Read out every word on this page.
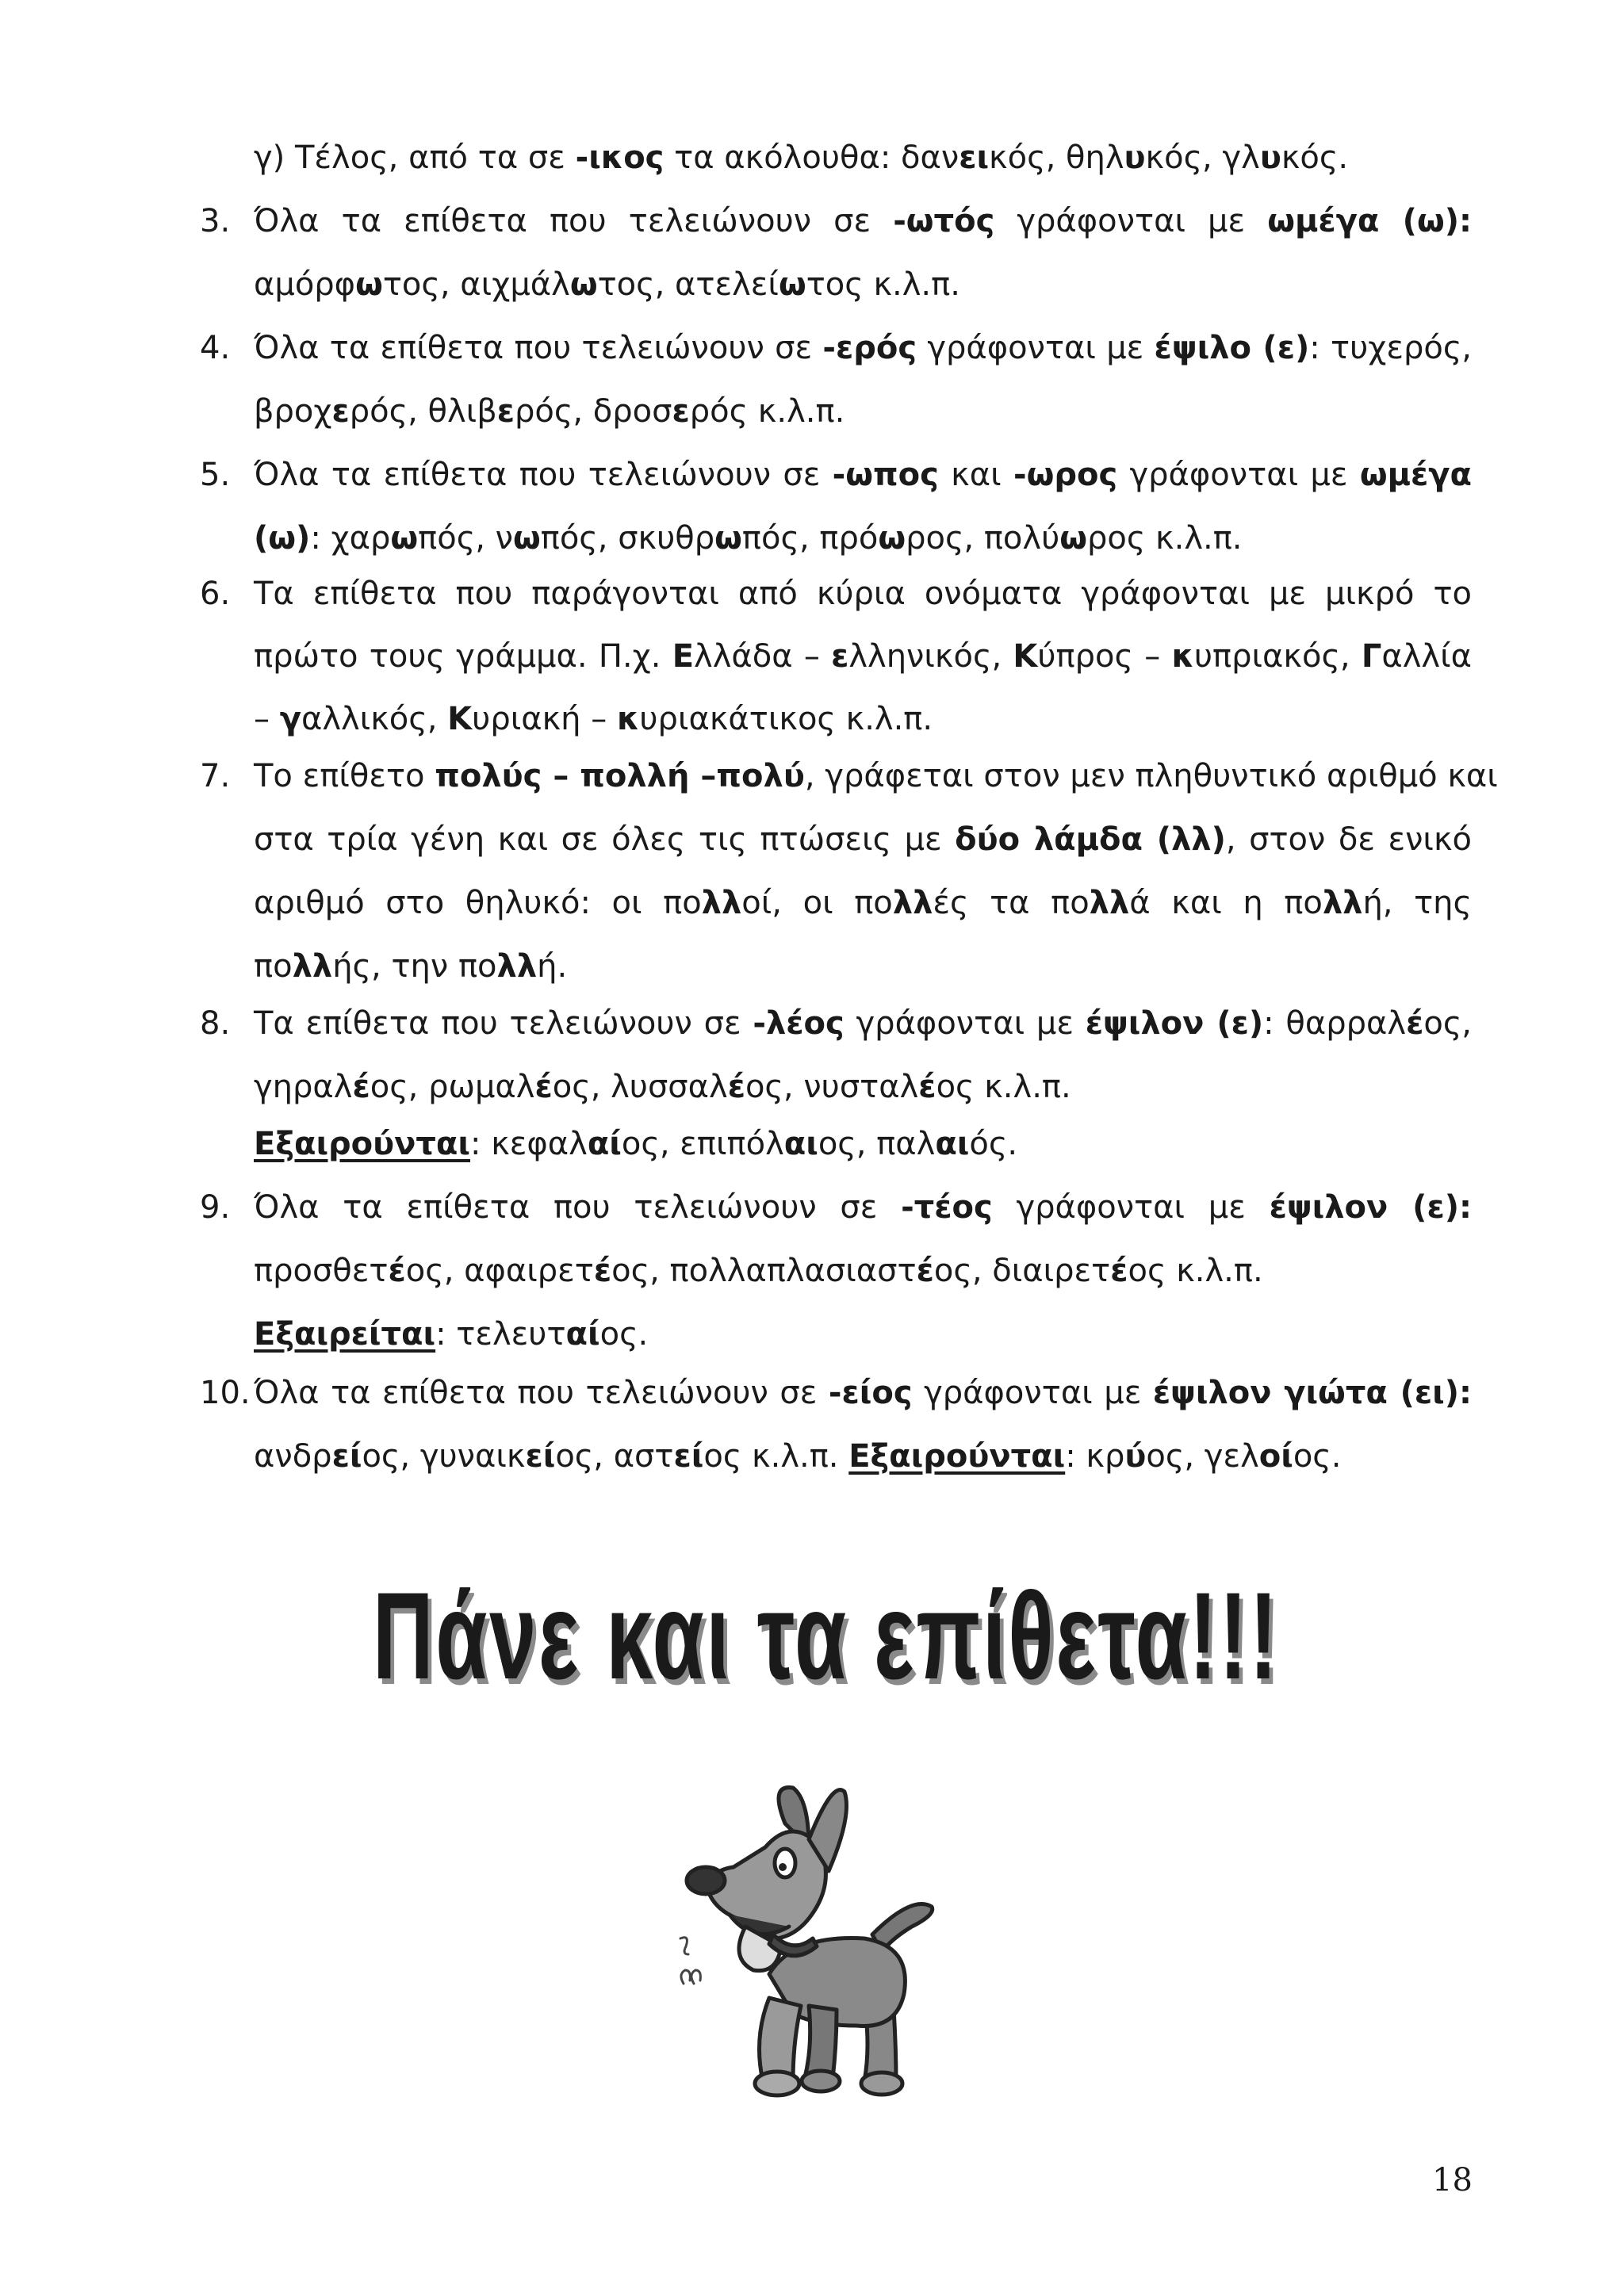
γ) Τέλος, από τα σε -ικος τα ακόλουθα: δανεικός, θηλυκός, γλυκός.
3. Όλα τα επίθετα που τελειώνουν σε -ωτός γράφονται με ωμέγα (ω):
αμόρφωτος, αιχμάλωτος, ατελείωτος κ.λ.π.
4. Όλα τα επίθετα που τελειώνουν σε -ερός γράφονται με έψιλο (ε): τυχερός,
βροχερός, θλιβερός, δροσερός κ.λ.π.
5. Όλα τα επίθετα που τελειώνουν σε -ωπος και -ωρος γράφονται με ωμέγα
(ω): χαρωπός, νωπός, σκυθρωπός, πρόωρος, πολύωρος κ.λ.π.
6. Τα επίθετα που παράγονται από κύρια ονόματα γράφονται με μικρό το
πρώτο τους γράμμα. Π.χ. Ελλάδα – ελληνικός, Κύπρος – κυπριακός, Γαλλία
– γαλλικός, Κυριακή – κυριακάτικος κ.λ.π.
7. Το επίθετο πολύς – πολλή –πολύ, γράφεται στον μεν πληθυντικό αριθμό και
στα τρία γένη και σε όλες τις πτώσεις με δύο λάμδα (λλ), στον δε ενικό
αριθμό στο θηλυκό: οι πολλοί, οι πολλές τα πολλά και η πολλή, της
πολλής, την πολλή.
8. Τα επίθετα που τελειώνουν σε -λέος γράφονται με έψιλον (ε): θαρραλέος,
γηραλέος, ρωμαλέος, λυσσαλέος, νυσταλέος κ.λ.π.
Εξαιρούνται: κεφαλαίος, επιπόλαιος, παλαιός.
9. Όλα τα επίθετα που τελειώνουν σε -τέος γράφονται με έψιλον (ε):
προσθετέος, αφαιρετέος, πολλαπλασιαστέος, διαιρετέος κ.λ.π.
Εξαιρείται: τελευταίος.
10. Όλα τα επίθετα που τελειώνουν σε -είος γράφονται με έψιλον γιώτα (ει):
ανδρείος, γυναικείος, αστείος κ.λ.π. Εξαιρούνται: κρύος, γελοίος.
Πάνε και τα επίθετα!!!
18
